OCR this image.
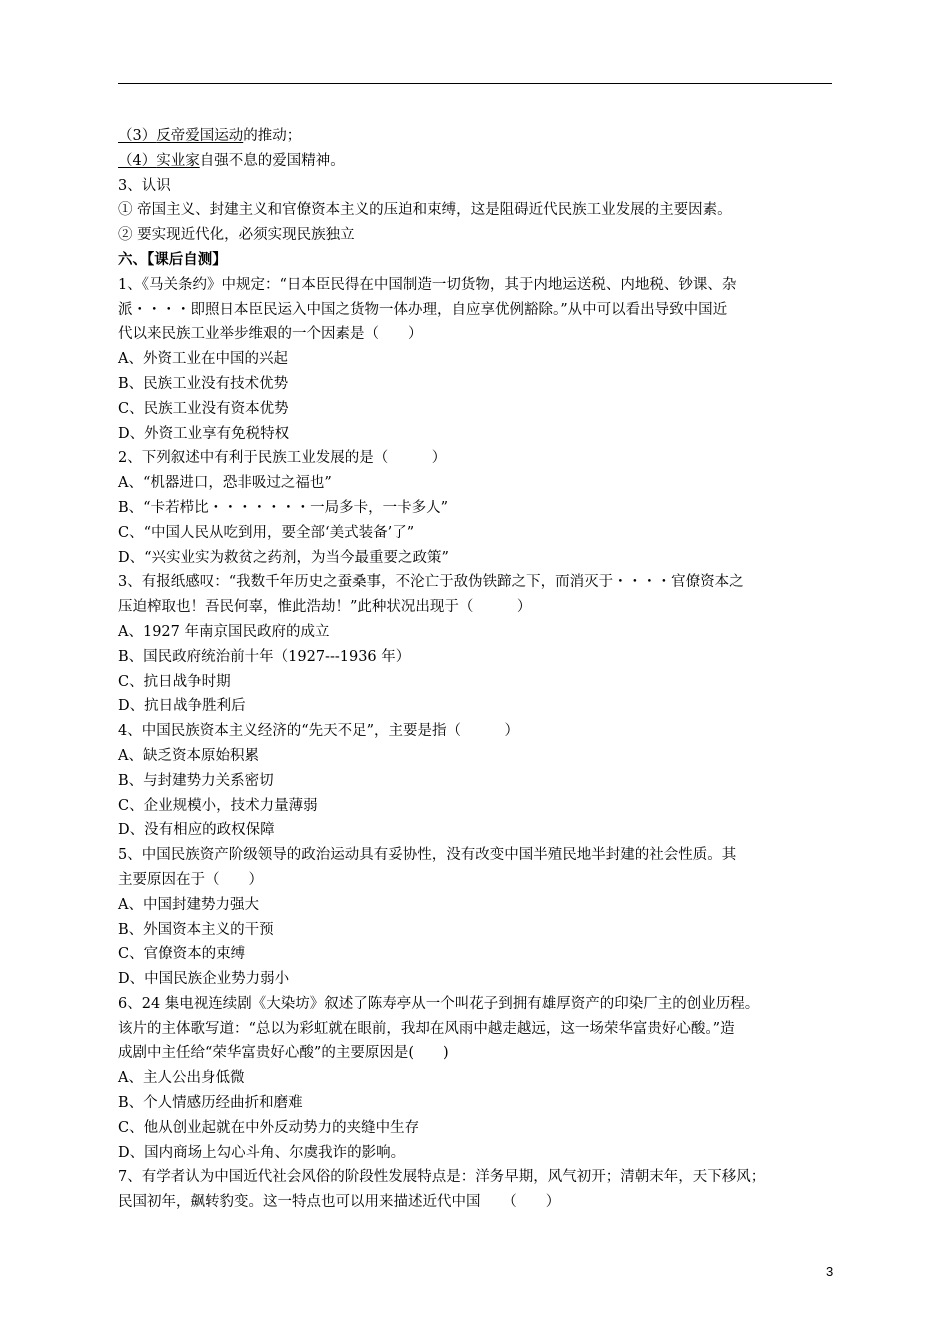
（3）反帝爱国运动的推动；
（4）实业家自强不息的爱国精神。
3、认识
① 帝国主义、封建主义和官僚资本主义的压迫和束缚，这是阻碍近代民族工业发展的主要因素。
② 要实现近代化，必须实现民族独立
六、【课后自测】
1、《马关条约》中规定：“日本臣民得在中国制造一切货物，其于内地运送税、内地税、钞课、杂
派・・・・即照日本臣民运入中国之货物一体办理，自应享优例豁除。”从中可以看出导致中国近
代以来民族工业举步维艰的一个因素是（　　）
A、外资工业在中国的兴起
B、民族工业没有技术优势
C、民族工业没有资本优势
D、外资工业享有免税特权
2、下列叙述中有利于民族工业发展的是（　　　）
A、“机器进口，恐非吸过之福也”
B、“卡若栉比・・・・・・・一局多卡，一卡多人”
C、“中国人民从吃到用，要全部‘美式装备’了”
D、“兴实业实为救贫之药剂，为当今最重要之政策”
3、有报纸感叹：“我数千年历史之蚕桑事，不沦亡于敌伪铁蹄之下，而消灭于・・・・官僚资本之
压迫榨取也！吾民何辜，惟此浩劫！”此种状况出现于（　　　）
A、1927 年南京国民政府的成立
B、国民政府统治前十年（1927---1936 年）
C、抗日战争时期
D、抗日战争胜利后
4、中国民族资本主义经济的“先天不足”，主要是指（　　　）
A、缺乏资本原始积累
B、与封建势力关系密切
C、企业规模小，技术力量薄弱
D、没有相应的政权保障
5、中国民族资产阶级领导的政治运动具有妥协性，没有改变中国半殖民地半封建的社会性质。其
主要原因在于（　　）
A、中国封建势力强大
B、外国资本主义的干预
C、官僚资本的束缚
D、中国民族企业势力弱小
6、24 集电视连续剧《大染坊》叙述了陈寿亭从一个叫花子到拥有雄厚资产的印染厂主的创业历程。
该片的主体歌写道：“总以为彩虹就在眼前，我却在风雨中越走越远，这一场荣华富贵好心酸。”造
成剧中主任给“荣华富贵好心酸”的主要原因是(　　)
A、主人公出身低微
B、个人情感历经曲折和磨难
C、他从创业起就在中外反动势力的夹缝中生存
D、国内商场上勾心斗角、尔虞我诈的影响。
7、有学者认为中国近代社会风俗的阶段性发展特点是：洋务早期，风气初开；清朝末年，天下移风；
民国初年，飙转豹变。这一特点也可以用来描述近代中国　　（　　）
3
